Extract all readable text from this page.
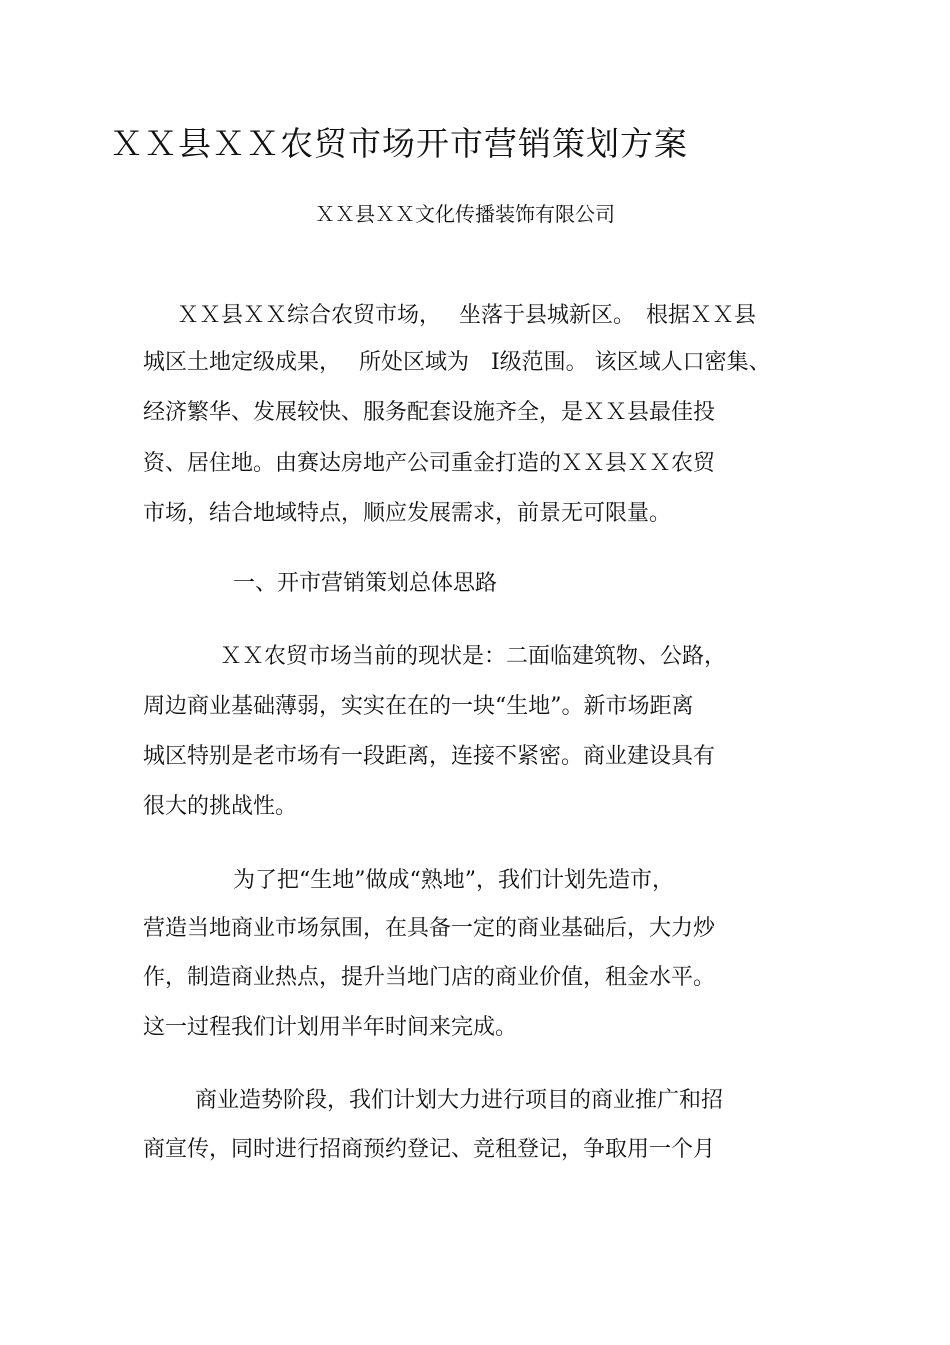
ＸＸ县ＸＸ农贸市场开市营销策划方案
ＸＸ县ＸＸ文化传播装饰有限公司

ＸＸ县ＸＸ综合农贸市场，　 坐落于县城新区。　根据ＸＸ县

城区土地定级成果，　 所处区域为　Ⅰ级范围。 该区域人口密集、

经济繁华、发展较快、服务配套设施齐全，是ＸＸ县最佳投

资、居住地。由赛达房地产公司重金打造的ＸＸ县ＸＸ农贸

市场，结合地域特点，顺应发展需求，前景无可限量。

一、开市营销策划总体思路

ＸＸ农贸市场当前的现状是：二面临建筑物、公路，

周边商业基础薄弱，实实在在的一块“生地”。新市场距离

城区特别是老市场有一段距离，连接不紧密。商业建设具有

很大的挑战性。

为了把“生地”做成“熟地”，我们计划先造市，

营造当地商业市场氛围，在具备一定的商业基础后，大力炒

作，制造商业热点，提升当地门店的商业价值，租金水平。

这一过程我们计划用半年时间来完成。

商业造势阶段，我们计划大力进行项目的商业推广和招

商宣传，同时进行招商预约登记、竞租登记，争取用一个月
